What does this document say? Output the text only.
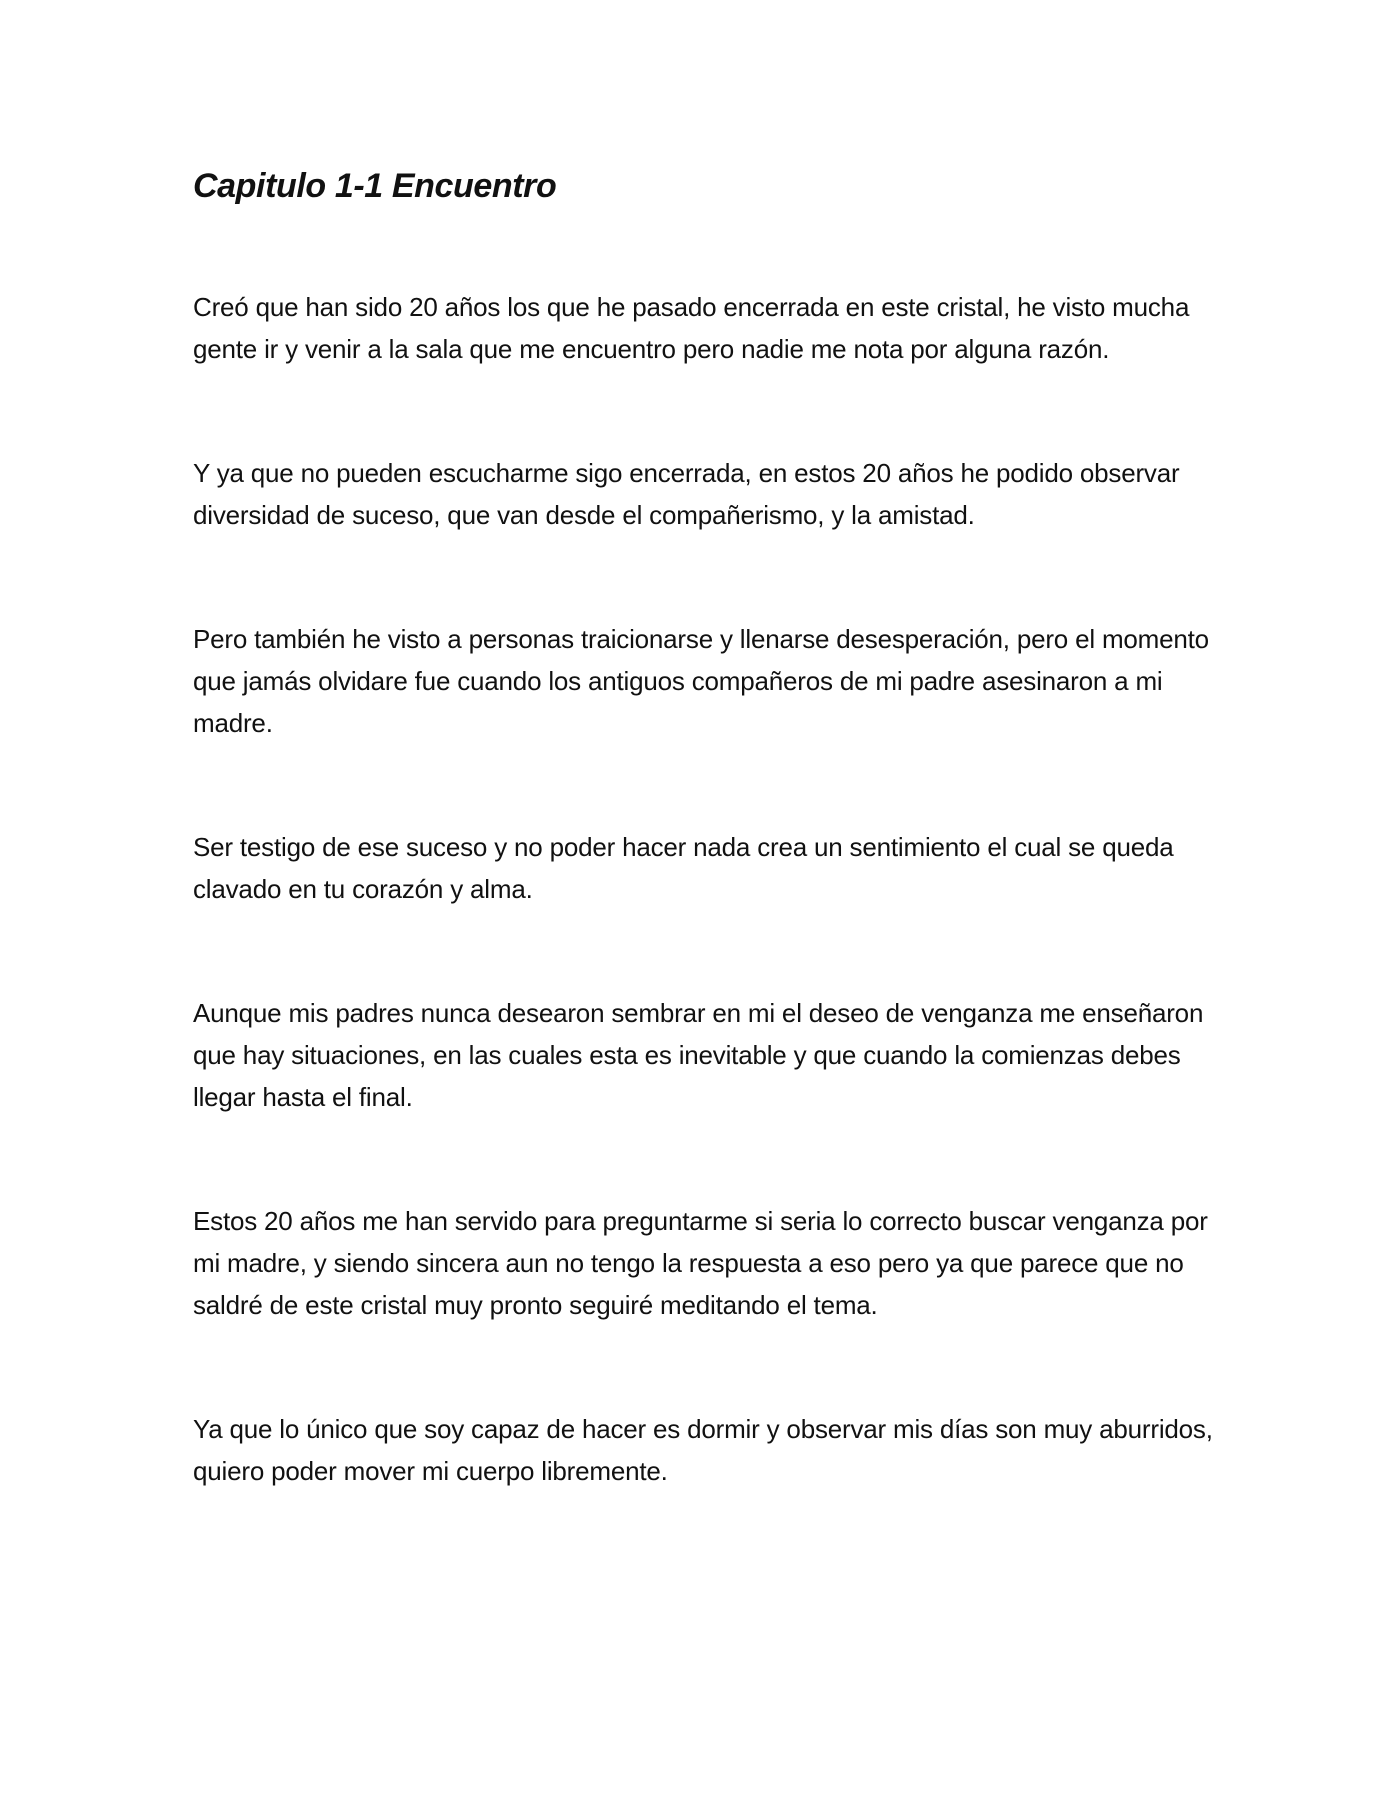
Capitulo 1-1 Encuentro

Creó que han sido 20 años los que he pasado encerrada en este cristal, he visto mucha gente ir y venir a la sala que me encuentro pero nadie me nota por alguna razón.

Y ya que no pueden escucharme sigo encerrada, en estos 20 años he podido observar diversidad de suceso, que van desde el compañerismo, y la amistad.

Pero también he visto a personas traicionarse y llenarse desesperación, pero el momento que jamás olvidare fue cuando los antiguos compañeros de mi padre asesinaron a mi madre.

Ser testigo de ese suceso y no poder hacer nada crea un sentimiento el cual se queda clavado en tu corazón y alma.

Aunque mis padres nunca desearon sembrar en mi el deseo de venganza me enseñaron que hay situaciones, en las cuales esta es inevitable y que cuando la comienzas debes llegar hasta el final.

Estos 20 años me han servido para preguntarme si seria lo correcto buscar venganza por mi madre, y siendo sincera aun no tengo la respuesta a eso pero ya que parece que no saldré de este cristal muy pronto seguiré meditando el tema.

Ya que lo único que soy capaz de hacer es dormir y observar mis días son muy aburridos, quiero poder mover mi cuerpo libremente.
